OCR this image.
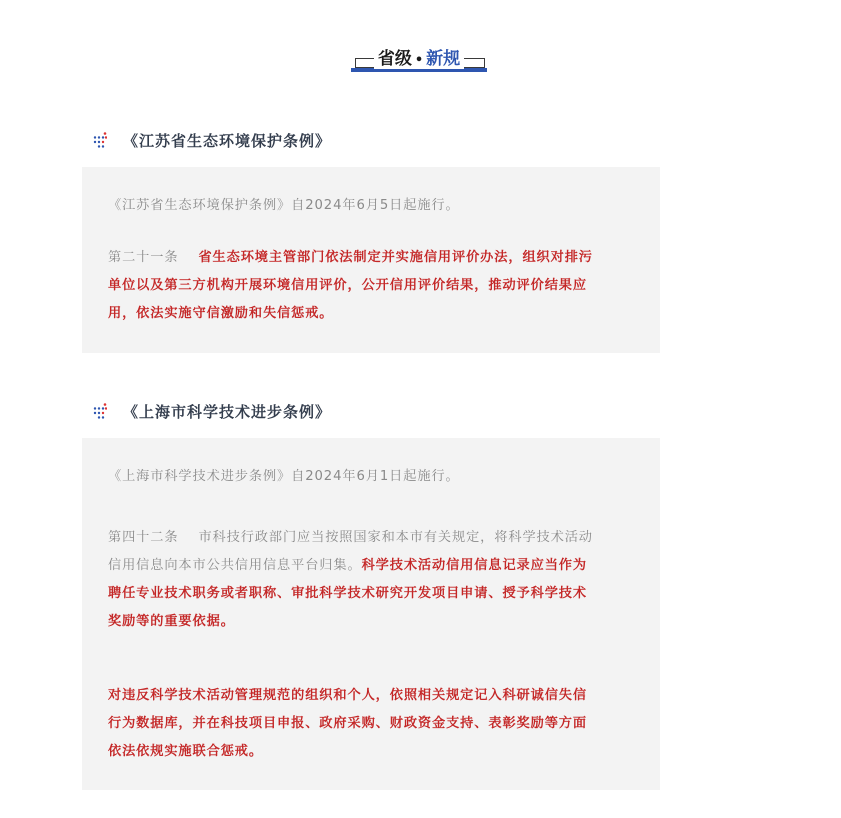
省级 • 新规
《江苏省生态环境保护条例》
《江苏省生态环境保护条例》自2024年6月5日起施行。
第二十一条 省生态环境主管部门依法制定并实施信用评价办法，组织对排污
单位以及第三方机构开展环境信用评价，公开信用评价结果，推动评价结果应
用，依法实施守信激励和失信惩戒。
《上海市科学技术进步条例》
《上海市科学技术进步条例》自2024年6月1日起施行。
第四十二条 市科技行政部门应当按照国家和本市有关规定，将科学技术活动
信用信息向本市公共信用信息平台归集。科学技术活动信用信息记录应当作为
聘任专业技术职务或者职称、审批科学技术研究开发项目申请、授予科学技术
奖励等的重要依据。
对违反科学技术活动管理规范的组织和个人，依照相关规定记入科研诚信失信
行为数据库，并在科技项目申报、政府采购、财政资金支持、表彰奖励等方面
依法依规实施联合惩戒。
